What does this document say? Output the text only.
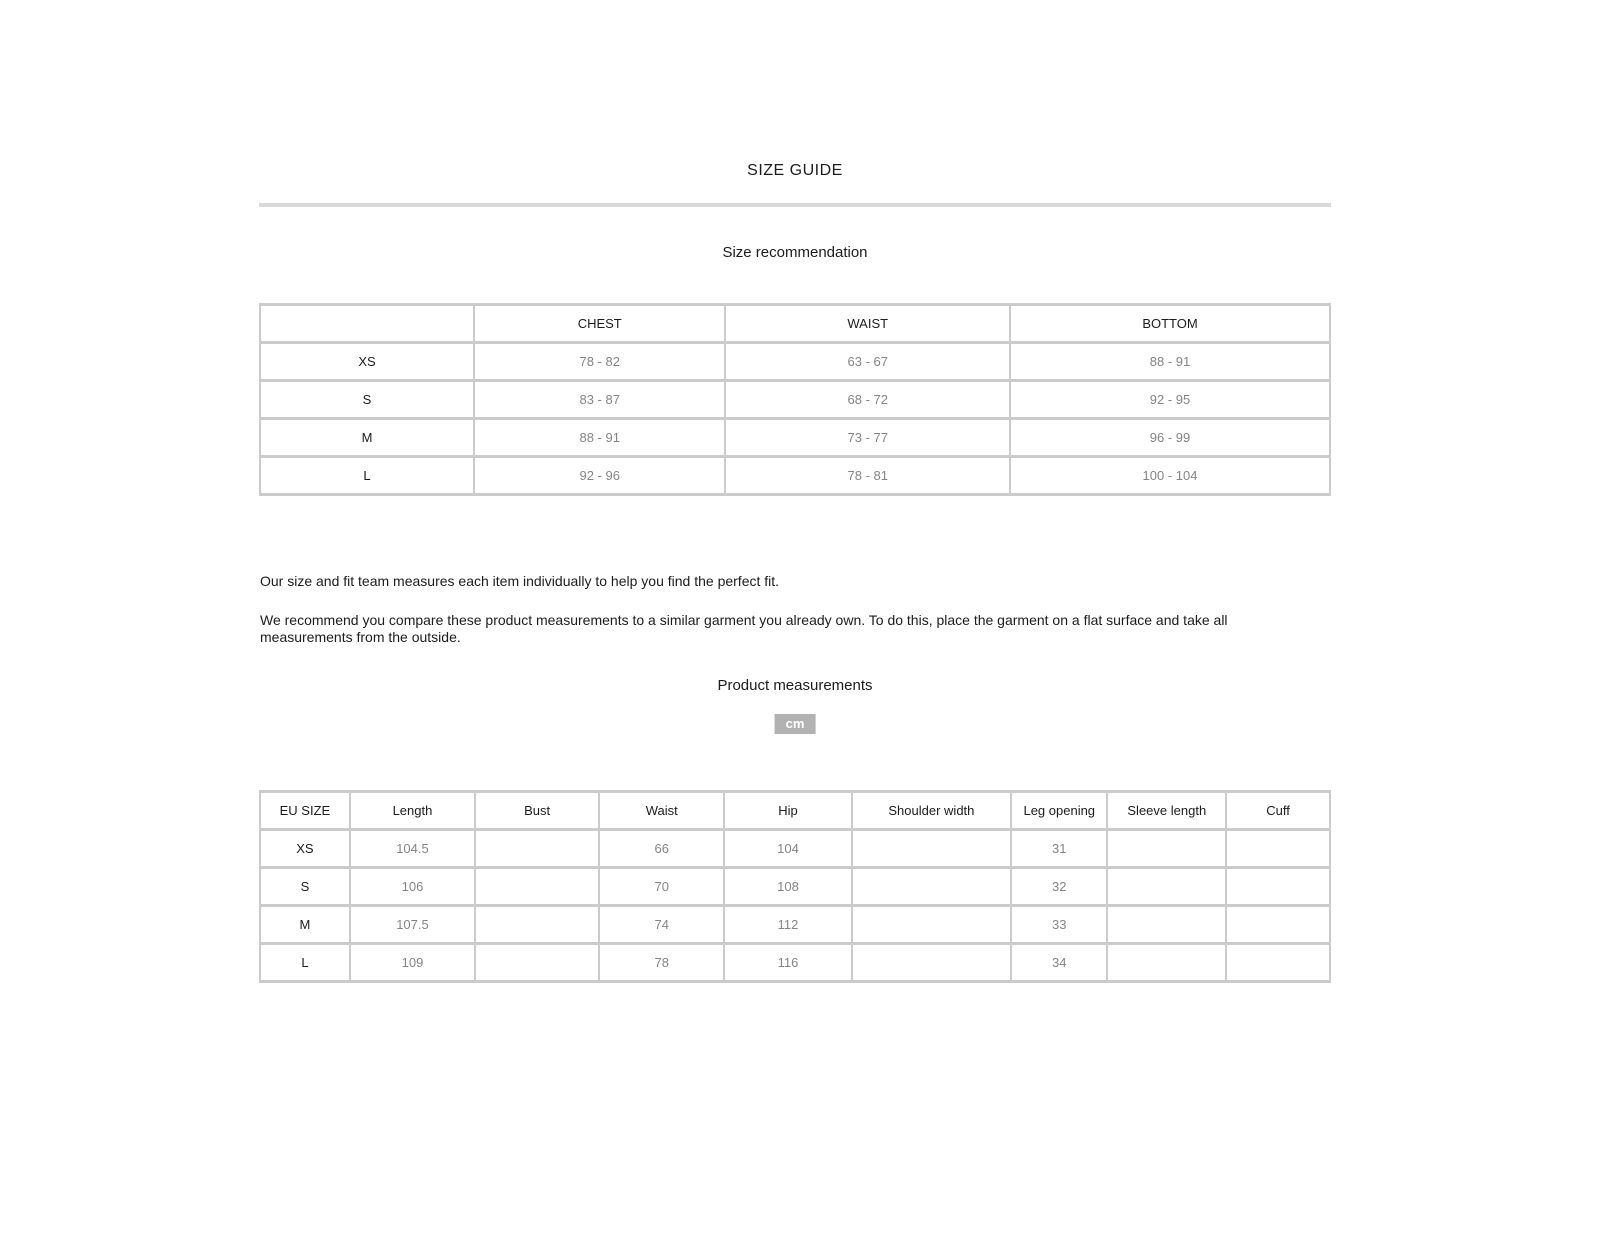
SIZE GUIDE
Size recommendation
	CHEST	WAIST	BOTTOM
XS	78 - 82	63 - 67	88 - 91
S	83 - 87	68 - 72	92 - 95
M	88 - 91	73 - 77	96 - 99
L	92 - 96	78 - 81	100 - 104

Our size and fit team measures each item individually to help you find the perfect fit.

We recommend you compare these product measurements to a similar garment you already own. To do this, place the garment on a flat surface and take all measurements from the outside.

Product measurements
cm
EU SIZE	Length	Bust	Waist	Hip	Shoulder width	Leg opening	Sleeve length	Cuff
XS	104.5		66	104		31		
S	106		70	108		32		
M	107.5		74	112		33		
L	109		78	116		34		
